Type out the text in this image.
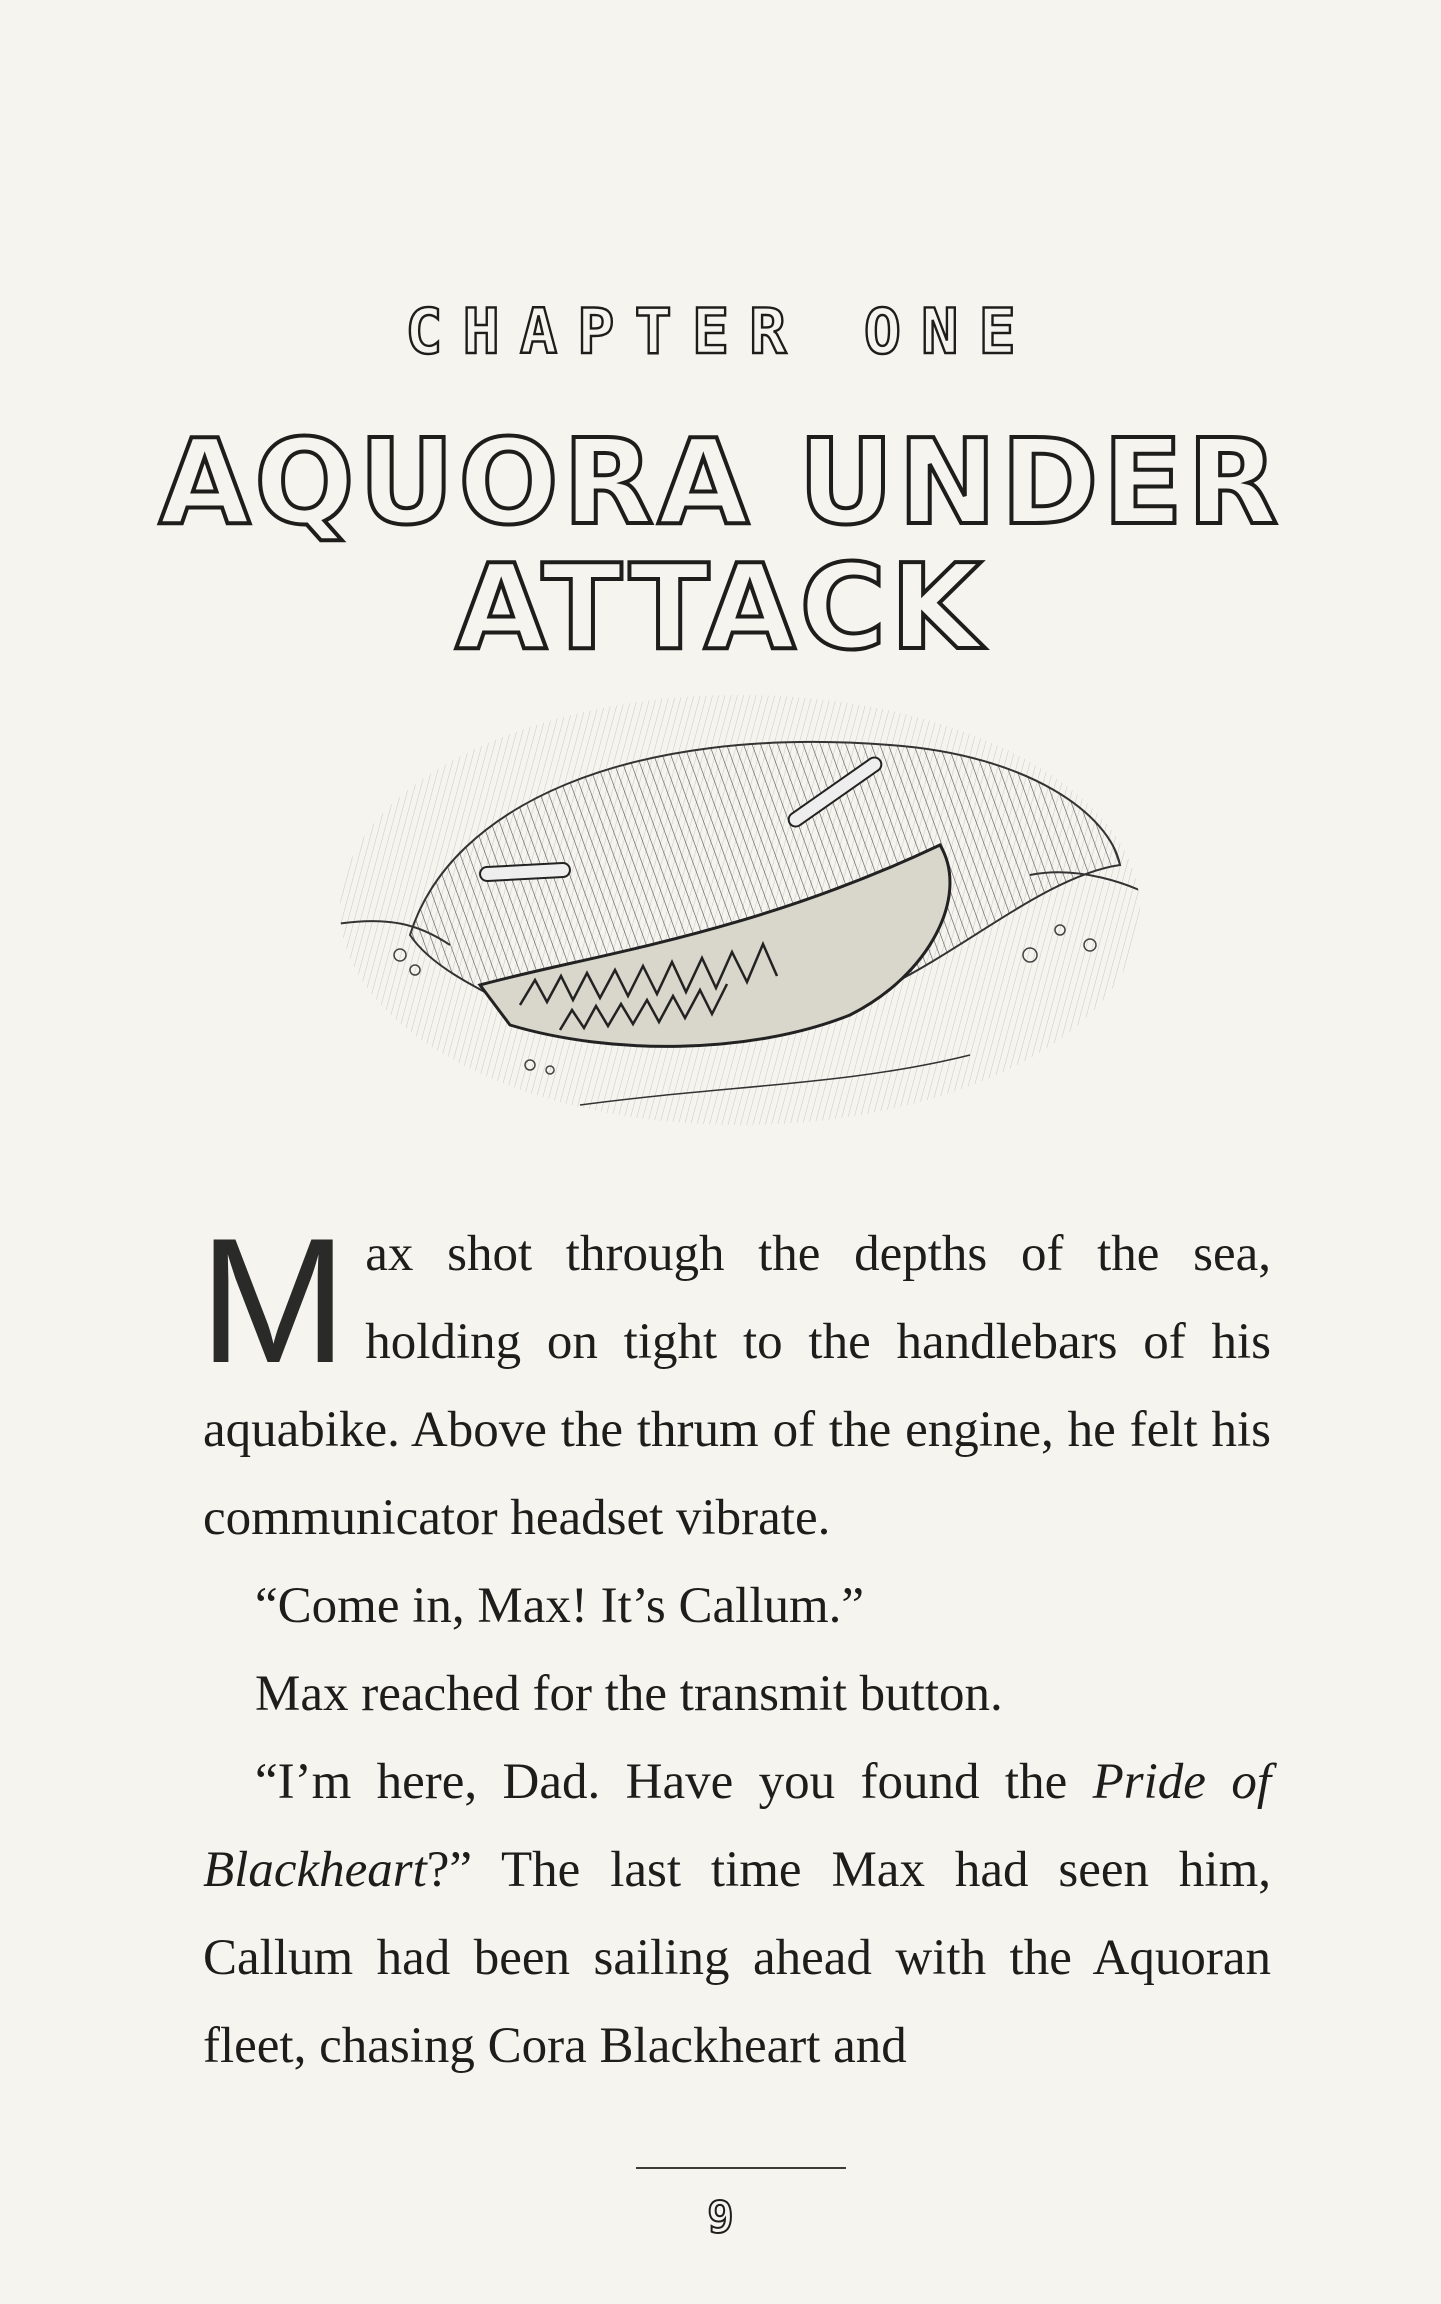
CHAPTER ONE
AQUORA UNDER
ATTACK

Max shot through the depths of the sea, holding on tight to the handlebars of his aquabike. Above the thrum of the engine, he felt his communicator headset vibrate.

“Come in, Max! It’s Callum.”

Max reached for the transmit button.

“I’m here, Dad. Have you found the Pride of Blackheart?” The last time Max had seen him, Callum had been sailing ahead with the Aquoran fleet, chasing Cora Blackheart and

9
